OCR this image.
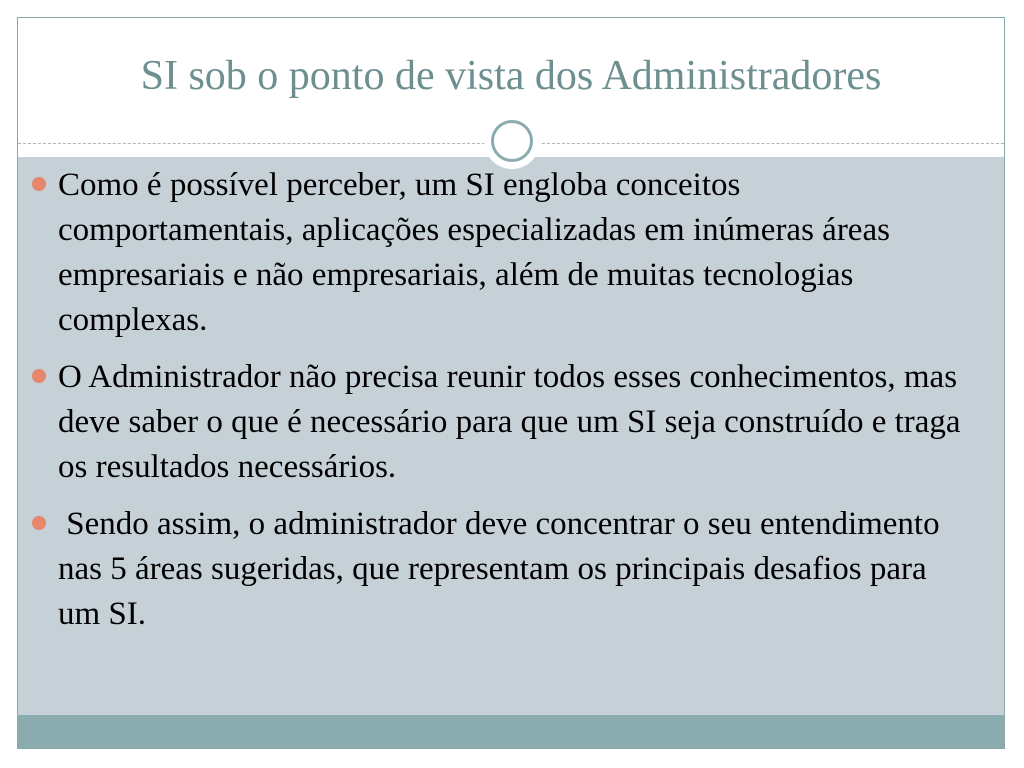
SI sob o ponto de vista dos Administradores
Como é possível perceber, um SI engloba conceitos comportamentais, aplicações especializadas em inúmeras áreas empresariais e não empresariais, além de muitas tecnologias complexas.
O Administrador não precisa reunir todos esses conhecimentos, mas deve saber o que é necessário para que um SI seja construído e traga os resultados necessários.
Sendo assim, o administrador deve concentrar o seu entendimento nas 5 áreas sugeridas, que representam os principais desafios para um SI.
